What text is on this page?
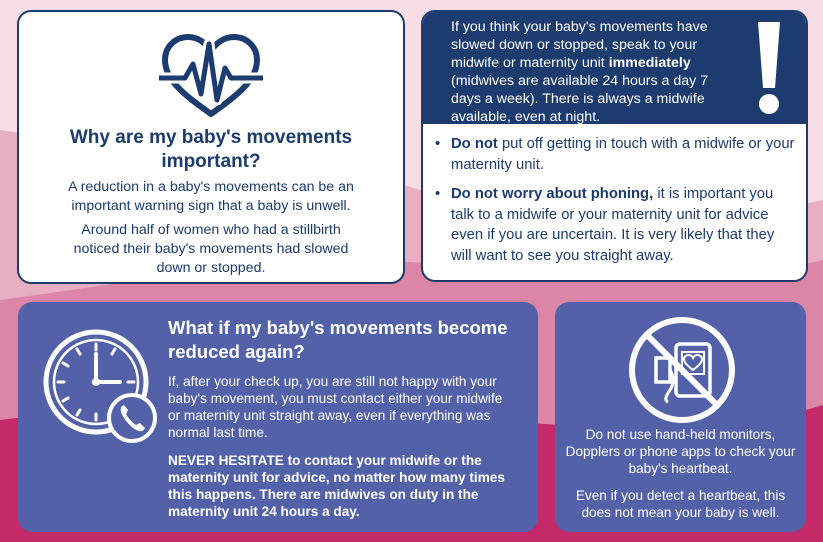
Why are my baby's movements important?

A reduction in a baby's movements can be an important warning sign that a baby is unwell.

Around half of women who had a stillbirth noticed their baby's movements had slowed down or stopped.

If you think your baby's movements have slowed down or stopped, speak to your midwife or maternity unit immediately (midwives are available 24 hours a day 7 days a week). There is always a midwife available, even at night.

• Do not put off getting in touch with a midwife or your maternity unit.
• Do not worry about phoning, it is important you talk to a midwife or your maternity unit for advice even if you are uncertain. It is very likely that they will want to see you straight away.
What if my baby's movements become reduced again?

If, after your check up, you are still not happy with your baby's movement, you must contact either your midwife or maternity unit straight away, even if everything was normal last time.

NEVER HESITATE to contact your midwife or the maternity unit for advice, no matter how many times this happens. There are midwives on duty in the maternity unit 24 hours a day.

Do not use hand-held monitors, Dopplers or phone apps to check your baby's heartbeat.

Even if you detect a heartbeat, this does not mean your baby is well.
